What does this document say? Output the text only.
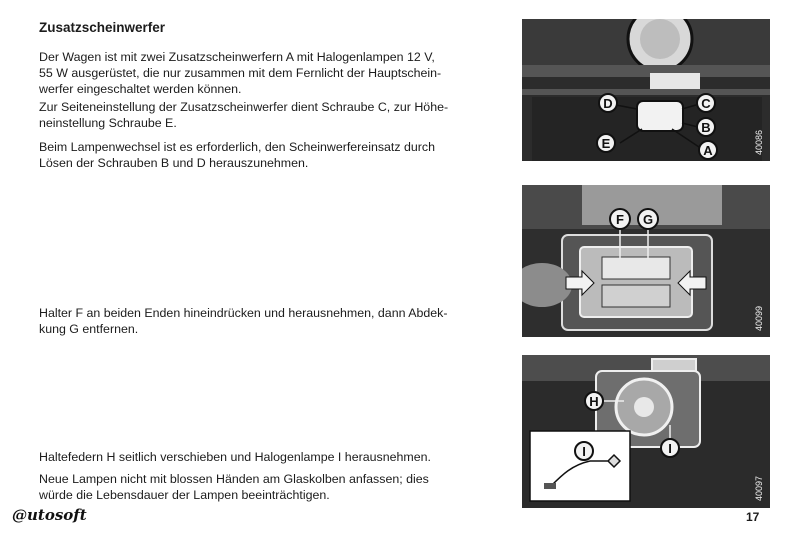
Zusatzscheinwerfer

Der Wagen ist mit zwei Zusatzscheinwerfern A mit Halogenlampen 12 V,
55 W ausgerüstet, die nur zusammen mit dem Fernlicht der Hauptschein-
werfer eingeschaltet werden können.

Zur Seiteneinstellung der Zusatzscheinwerfer dient Schraube C, zur Höhe-
neinstellung Schraube E.

Beim Lampenwechsel ist es erforderlich, den Scheinwerfereinsatz durch
Lösen der Schrauben B und D herauszunehmen.

Halter F an beiden Enden hineindrücken und herausnehmen, dann Abdek-
kung G entfernen.

Haltefedern H seitlich verschieben und Halogenlampe I herausnehmen.

Neue Lampen nicht mit blossen Händen am Glaskolben anfassen; dies
würde die Lebensdauer der Lampen beeinträchtigen.

D	C
B
E	A	40086
F G
40099
H
I	I
40097
@utosoft	17
